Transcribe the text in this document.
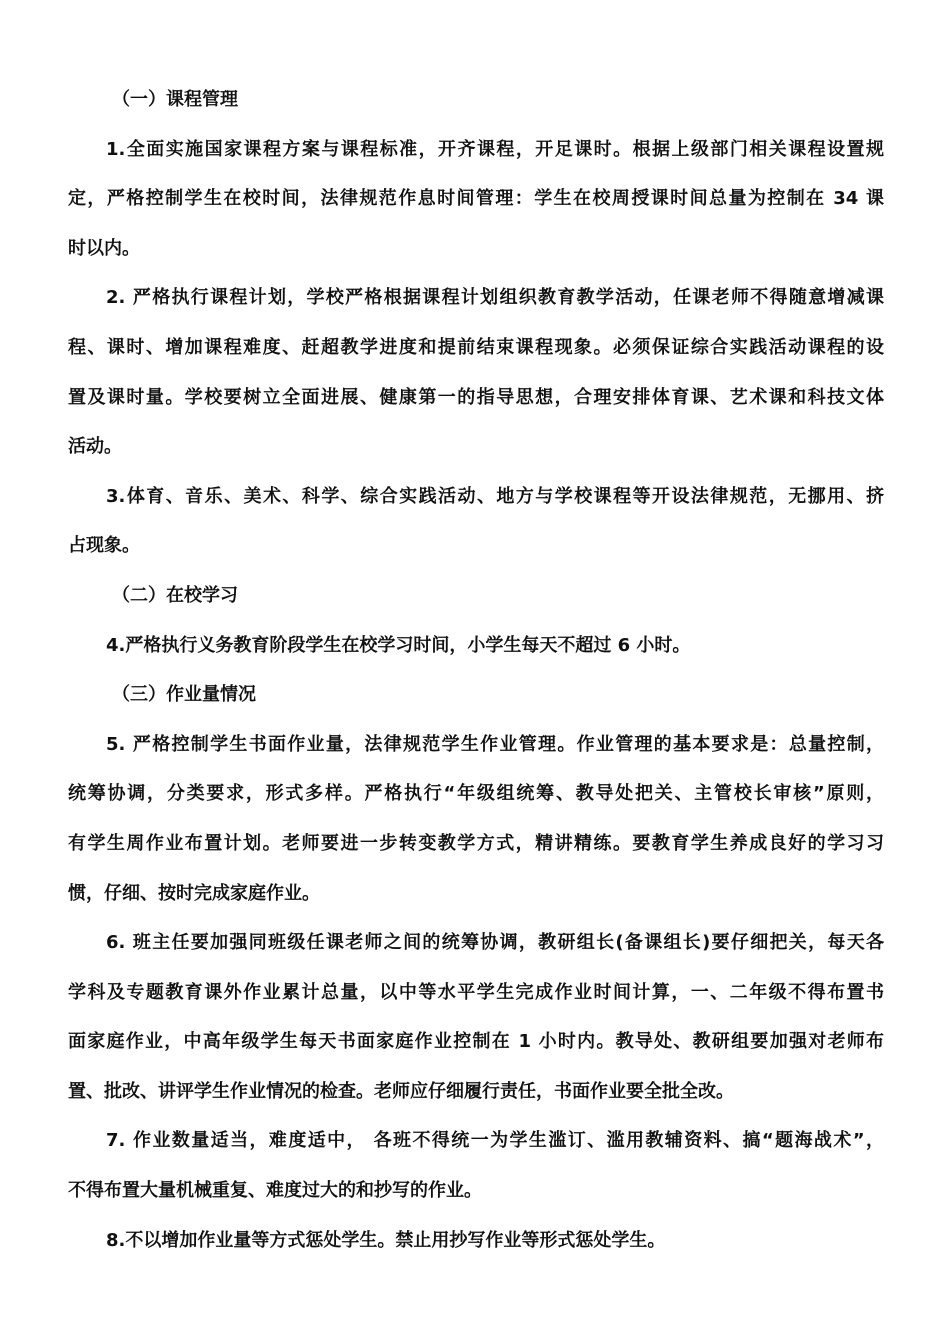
（一）课程管理
1.全面实施国家课程方案与课程标准，开齐课程，开足课时。根据上级部门相关课程设置规
定，严格控制学生在校时间，法律规范作息时间管理：学生在校周授课时间总量为控制在 34 课
时以内。
2. 严格执行课程计划，学校严格根据课程计划组织教育教学活动，任课老师不得随意增减课
程、课时、增加课程难度、赶超教学进度和提前结束课程现象。必须保证综合实践活动课程的设
置及课时量。学校要树立全面进展、健康第一的指导思想，合理安排体育课、艺术课和科技文体
活动。
3.体育、音乐、美术、科学、综合实践活动、地方与学校课程等开设法律规范，无挪用、挤
占现象。
（二）在校学习
4.严格执行义务教育阶段学生在校学习时间，小学生每天不超过 6 小时。
（三）作业量情况
5. 严格控制学生书面作业量，法律规范学生作业管理。作业管理的基本要求是：总量控制，
统筹协调，分类要求，形式多样。严格执行“年级组统筹、教导处把关、主管校长审核”原则，
有学生周作业布置计划。老师要进一步转变教学方式，精讲精练。要教育学生养成良好的学习习
惯，仔细、按时完成家庭作业。
6. 班主任要加强同班级任课老师之间的统筹协调，教研组长(备课组长)要仔细把关，每天各
学科及专题教育课外作业累计总量，以中等水平学生完成作业时间计算，一、二年级不得布置书
面家庭作业，中高年级学生每天书面家庭作业控制在 1 小时内。教导处、教研组要加强对老师布
置、批改、讲评学生作业情况的检查。老师应仔细履行责任，书面作业要全批全改。
7. 作业数量适当，难度适中， 各班不得统一为学生滥订、滥用教辅资料、搞“题海战术”，
不得布置大量机械重复、难度过大的和抄写的作业。
8.不以增加作业量等方式惩处学生。禁止用抄写作业等形式惩处学生。
